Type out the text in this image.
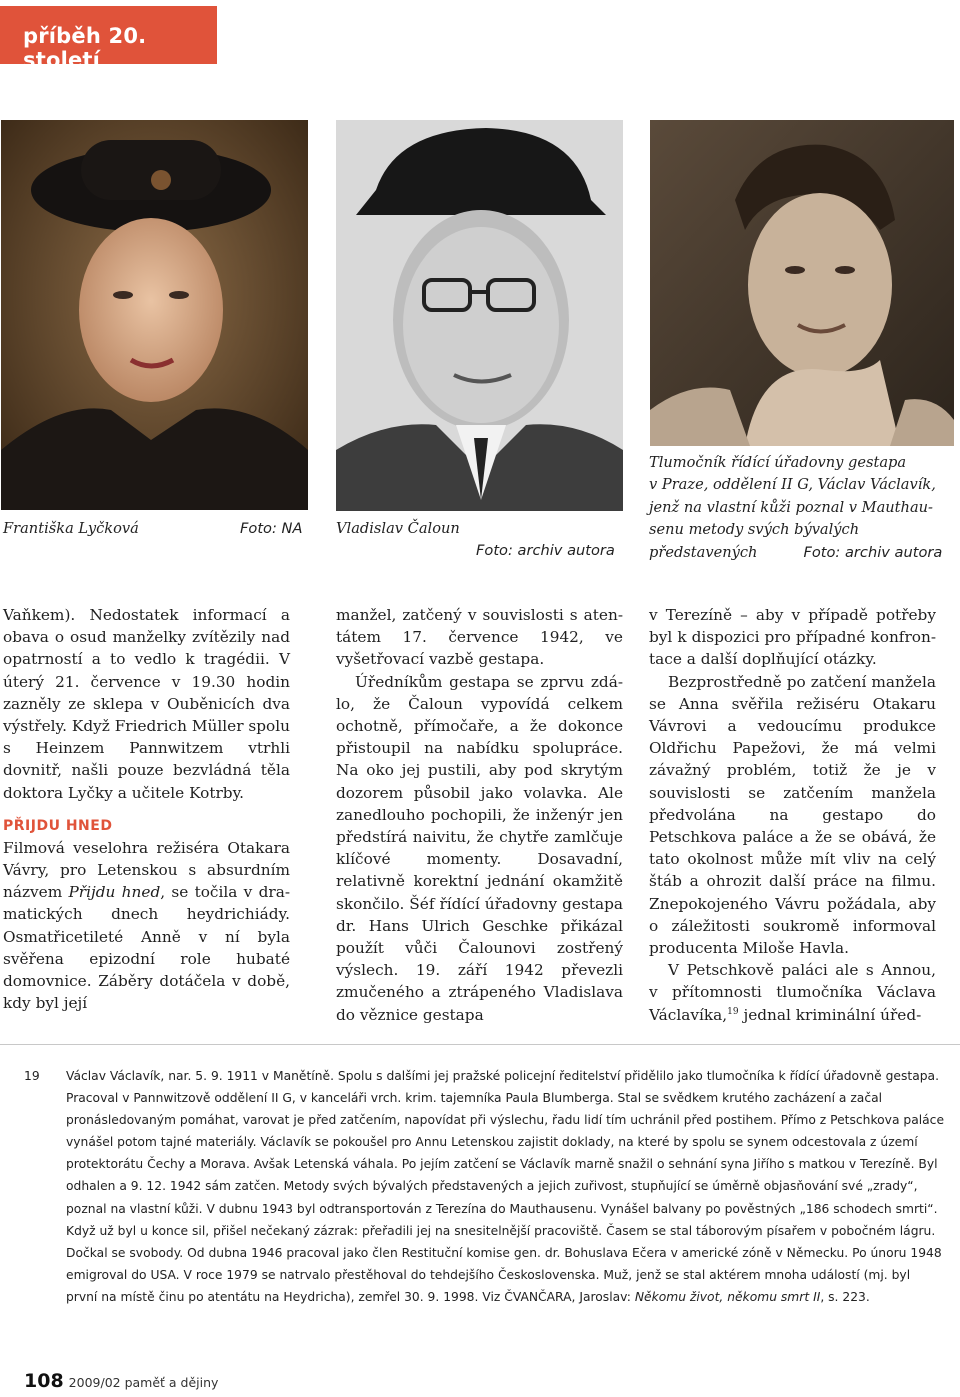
příběh 20. století
Františka Lyčková	Foto: NA Vladislav Čaloun
Foto: archiv autora
Tlumočník řídící úřadovny gestapa
v Praze, oddělení II G, Václav Václavík,
jenž na vlastní kůži poznal v Mauthau-
senu metody svých bývalých
představených	Foto: archiv autora

Vaňkem). Nedostatek informací a obava o osud manželky zvítězily nad opatrností a to vedlo k tragédii. V úterý 21. července v 19.30 hodin zazněly ze sklepa v Ouběnicích dva výstřely. Když Friedrich Müller spolu s Heinzem Pannwitzem vtrhli dovnitř, našli pouze bezvládná těla doktora Lyčky a učitele Kotrby.

PŘIJDU HNED

Filmová veselohra režiséra Otakara Vávry, pro Letenskou s absurdním názvem Přijdu hned, se točila v dramatických dnech heydrichiády. Osmatřicetileté Anně v ní byla svěřena epizodní role hubaté domovnice. Záběry dotáčela v době, kdy byl její

manžel, zatčený v souvislosti s atentátem 17. července 1942, ve vyšetřovací vazbě gestapa.

Úředníkům gestapa se zprvu zdálo, že Čaloun vypovídá celkem ochotně, přímočaře, a že dokonce přistoupil na nabídku spolupráce. Na oko jej pustili, aby pod skrytým dozorem působil jako volavka. Ale zanedlouho pochopili, že inženýr jen předstírá naivitu, že chytře zamlčuje klíčové momenty. Dosavadní, relativně korektní jednání okamžitě skončilo. Šéf řídící úřadovny gestapa dr. Hans Ulrich Geschke přikázal použít vůči Čalounovi zostřený výslech. 19. září 1942 převezli zmučeného a ztrápeného Vladislava do věznice gestapa

v Terezíně – aby v případě potřeby byl k dispozici pro případné konfrontace a další doplňující otázky.

Bezprostředně po zatčení manžela se Anna svěřila režiséru Otakaru Vávrovi a vedoucímu produkce Oldřichu Papežovi, že má velmi závažný problém, totiž že je v souvislosti se zatčením manžela předvolána na gestapo do Petschkova paláce a že se obává, že tato okolnost může mít vliv na celý štáb a ohrozit další práce na filmu. Znepokojeného Vávru požádala, aby o záležitosti soukromě informoval producenta Miloše Havla.

V Petschkově paláci ale s Annou, v přítomnosti tlumočníka Václava Václavíka,$^{19}$ jednal kriminální úřed-

19 Václav Václavík, nar. 5. 9. 1911 v Manětíně. Spolu s dalšími jej pražské policejní ředitelství přidělilo jako tlumočníka k řídící úřadovně gestapa. Pracoval v Pannwitzově oddělení II G, v kanceláři vrch. krim. tajemníka Paula Blumberga. Stal se svědkem krutého zacházení a začal pronásledovaným pomáhat, varovat je před zatčením, napovídat při výslechu, řadu lidí tím uchránil před postihem. Přímo z Petschkova paláce vynášel potom tajné materiály. Václavík se pokoušel pro Annu Letenskou zajistit doklady, na které by spolu se synem odcestovala z území protektorátu Čechy a Morava. Avšak Letenská váhala. Po jejím zatčení se Václavík marně snažil o sehnání syna Jiřího s matkou v Terezíně. Byl odhalen a 9. 12. 1942 sám zatčen. Metody svých bývalých představených a jejich zuřivost, stupňující se úměrně objasňování své „zrady“, poznal na vlastní kůži. V dubnu 1943 byl odtransportován z Terezína do Mauthausenu. Vynášel balvany po pověstných „186 schodech smrti“. Když už byl u konce sil, přišel nečekaný zázrak: přeřadili jej na snesitelnější pracoviště. Časem se stal táborovým písařem v pobočném lágru. Dočkal se svobody. Od dubna 1946 pracoval jako člen Restituční komise gen. dr. Bohuslava Ečera v americké zóně v Německu. Po únoru 1948 emigroval do USA. V roce 1979 se natrvalo přestěhoval do tehdejšího Československa. Muž, jenž se stal aktérem mnoha událostí (mj. byl první na místě činu po atentátu na Heydricha), zemřel 30. 9. 1998. Viz ČVANČARA, Jaroslav: Někomu život, někomu smrt II, s. 223.
108 2009/02 paměť a dějiny
